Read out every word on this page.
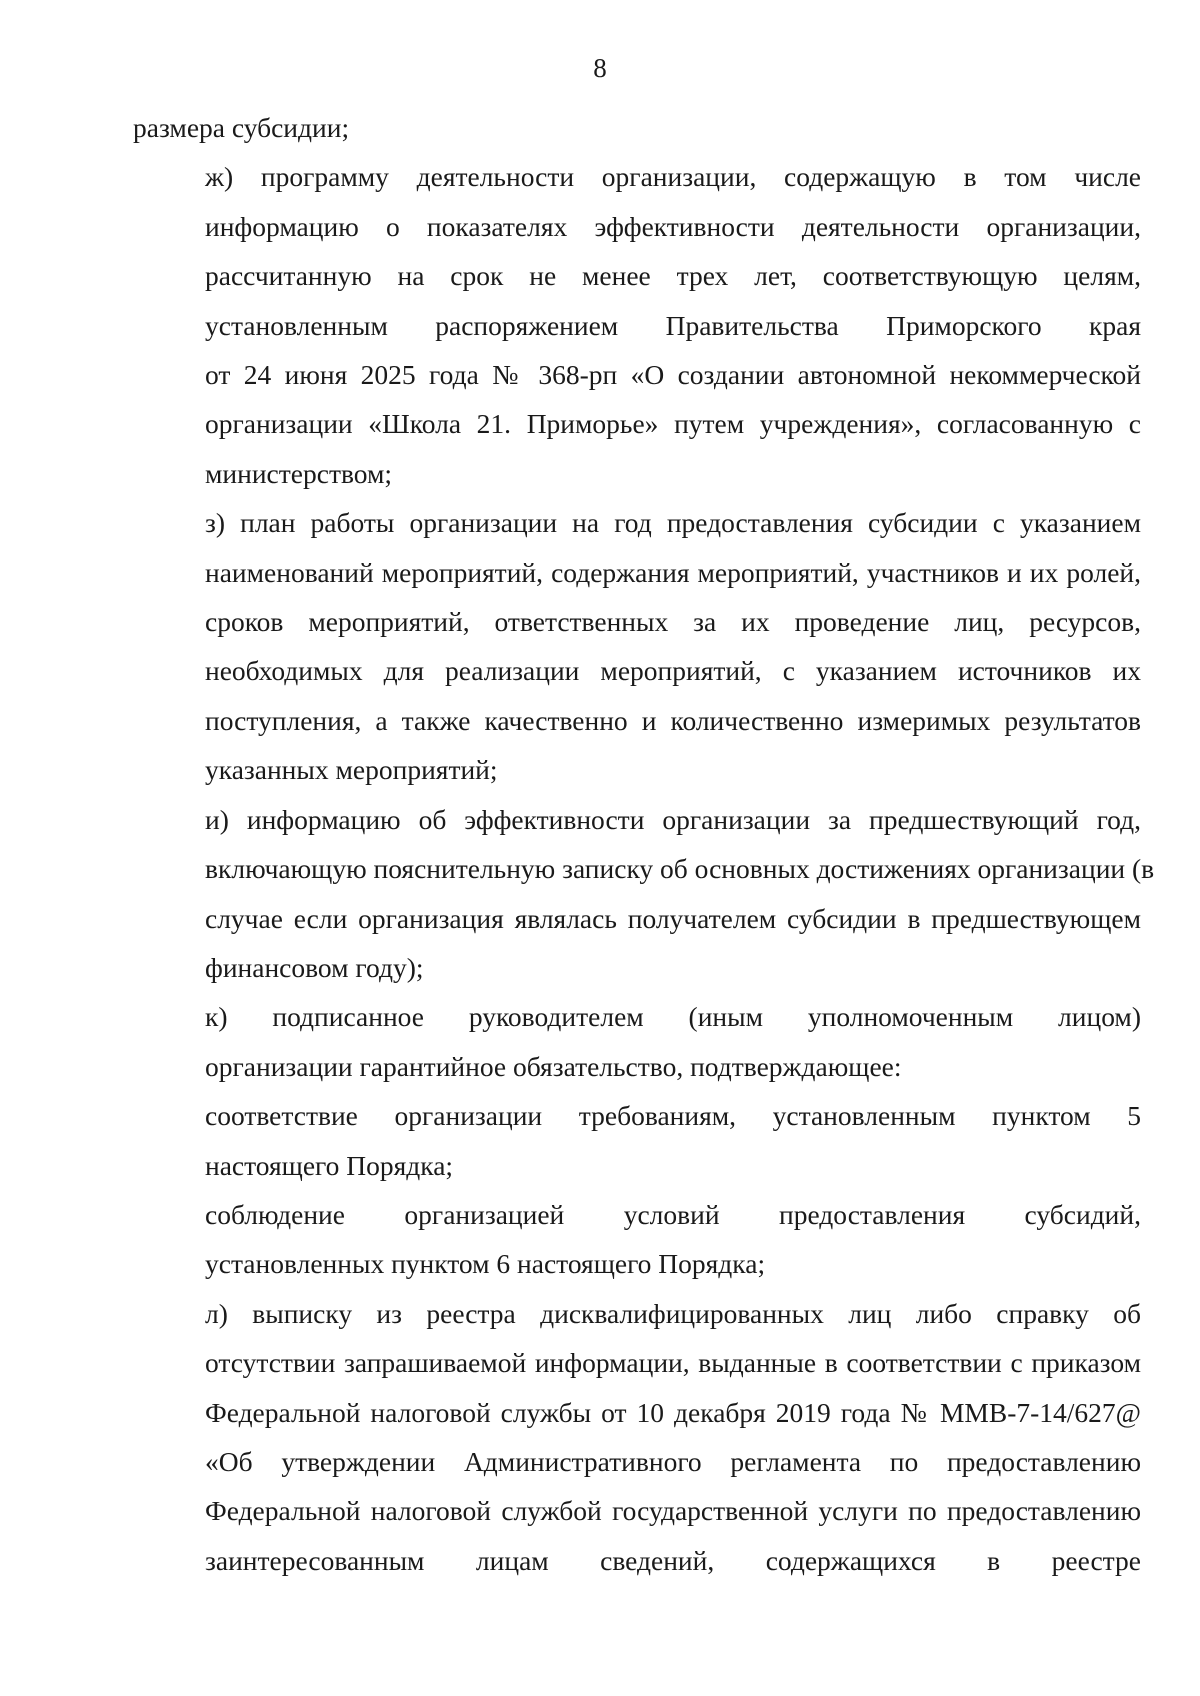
8

размера субсидии;

ж) программу деятельности организации, содержащую в том числе
информацию о показателях эффективности деятельности организации,
рассчитанную на срок не менее трех лет, соответствующую целям,
установленным распоряжением Правительства Приморского края
от 24 июня 2025 года № 368-рп «О создании автономной некоммерческой
организации «Школа 21. Приморье» путем учреждения», согласованную с
министерством;

з) план работы организации на год предоставления субсидии с указанием
наименований мероприятий, содержания мероприятий, участников и их ролей,
сроков мероприятий, ответственных за их проведение лиц, ресурсов,
необходимых для реализации мероприятий, с указанием источников их
поступления, а также качественно и количественно измеримых результатов
указанных мероприятий;

и) информацию об эффективности организации за предшествующий год,
включающую пояснительную записку об основных достижениях организации (в
случае если организация являлась получателем субсидии в предшествующем
финансовом году);

к) подписанное руководителем (иным уполномоченным лицом)
организации гарантийное обязательство, подтверждающее:

соответствие организации требованиям, установленным пунктом 5
настоящего Порядка;

соблюдение организацией условий предоставления субсидий,
установленных пунктом 6 настоящего Порядка;

л) выписку из реестра дисквалифицированных лиц либо справку об
отсутствии запрашиваемой информации, выданные в соответствии с приказом
Федеральной налоговой службы от 10 декабря 2019 года № ММВ-7-14/627@
«Об утверждении Административного регламента по предоставлению
Федеральной налоговой службой государственной услуги по предоставлению
заинтересованным лицам сведений, содержащихся в реестре
